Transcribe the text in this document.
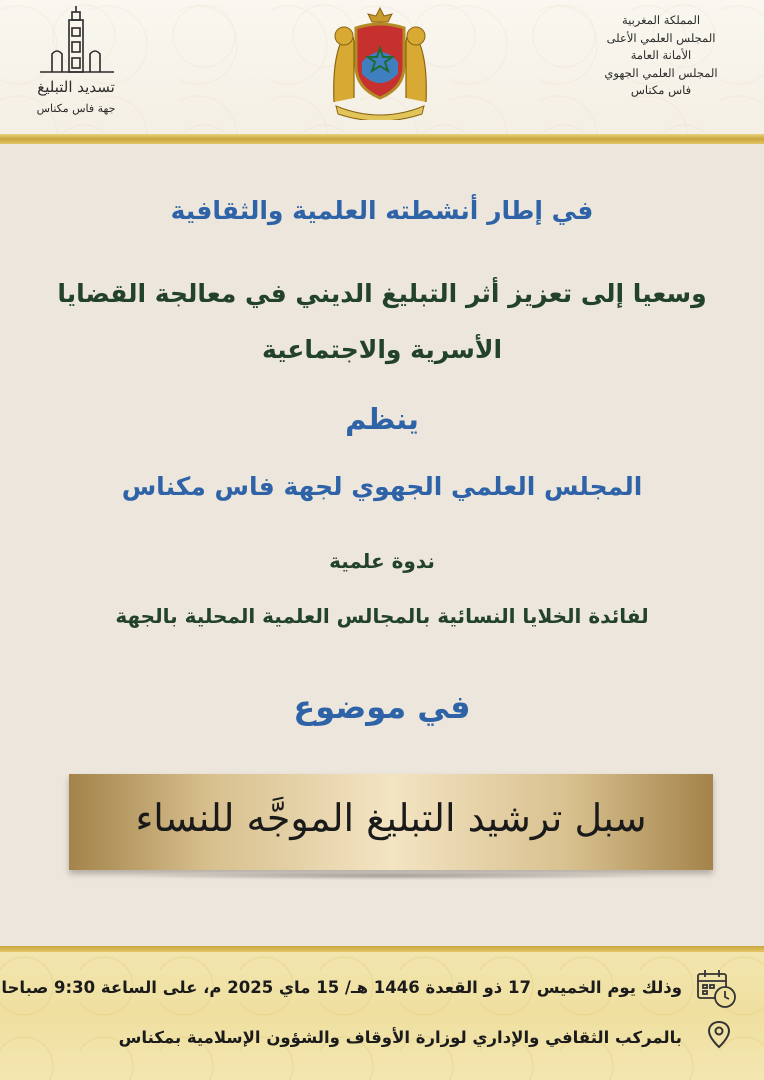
تسديد التبليغ
جهة فاس مكناس
المملكة المغربية
المجلس العلمي الأعلى
الأمانة العامة
المجلس العلمي الجهوي
فاس مكناس
في إطار أنشطته العلمية والثقافية
وسعيا إلى تعزيز أثر التبليغ الديني في معالجة القضايا
الأسرية والاجتماعية
ينظم
المجلس العلمي الجهوي لجهة فاس مكناس
ندوة علمية
لفائدة الخلايا النسائية بالمجالس العلمية المحلية بالجهة
في موضوع
سبل ترشيد التبليغ الموجَّه للنساء
وذلك يوم الخميس 17 ذو القعدة 1446 هـ/ 15 ماي 2025 م، على الساعة 9:30 صباحا
بالمركب الثقافي والإداري لوزارة الأوقاف والشؤون الإسلامية بمكناس
